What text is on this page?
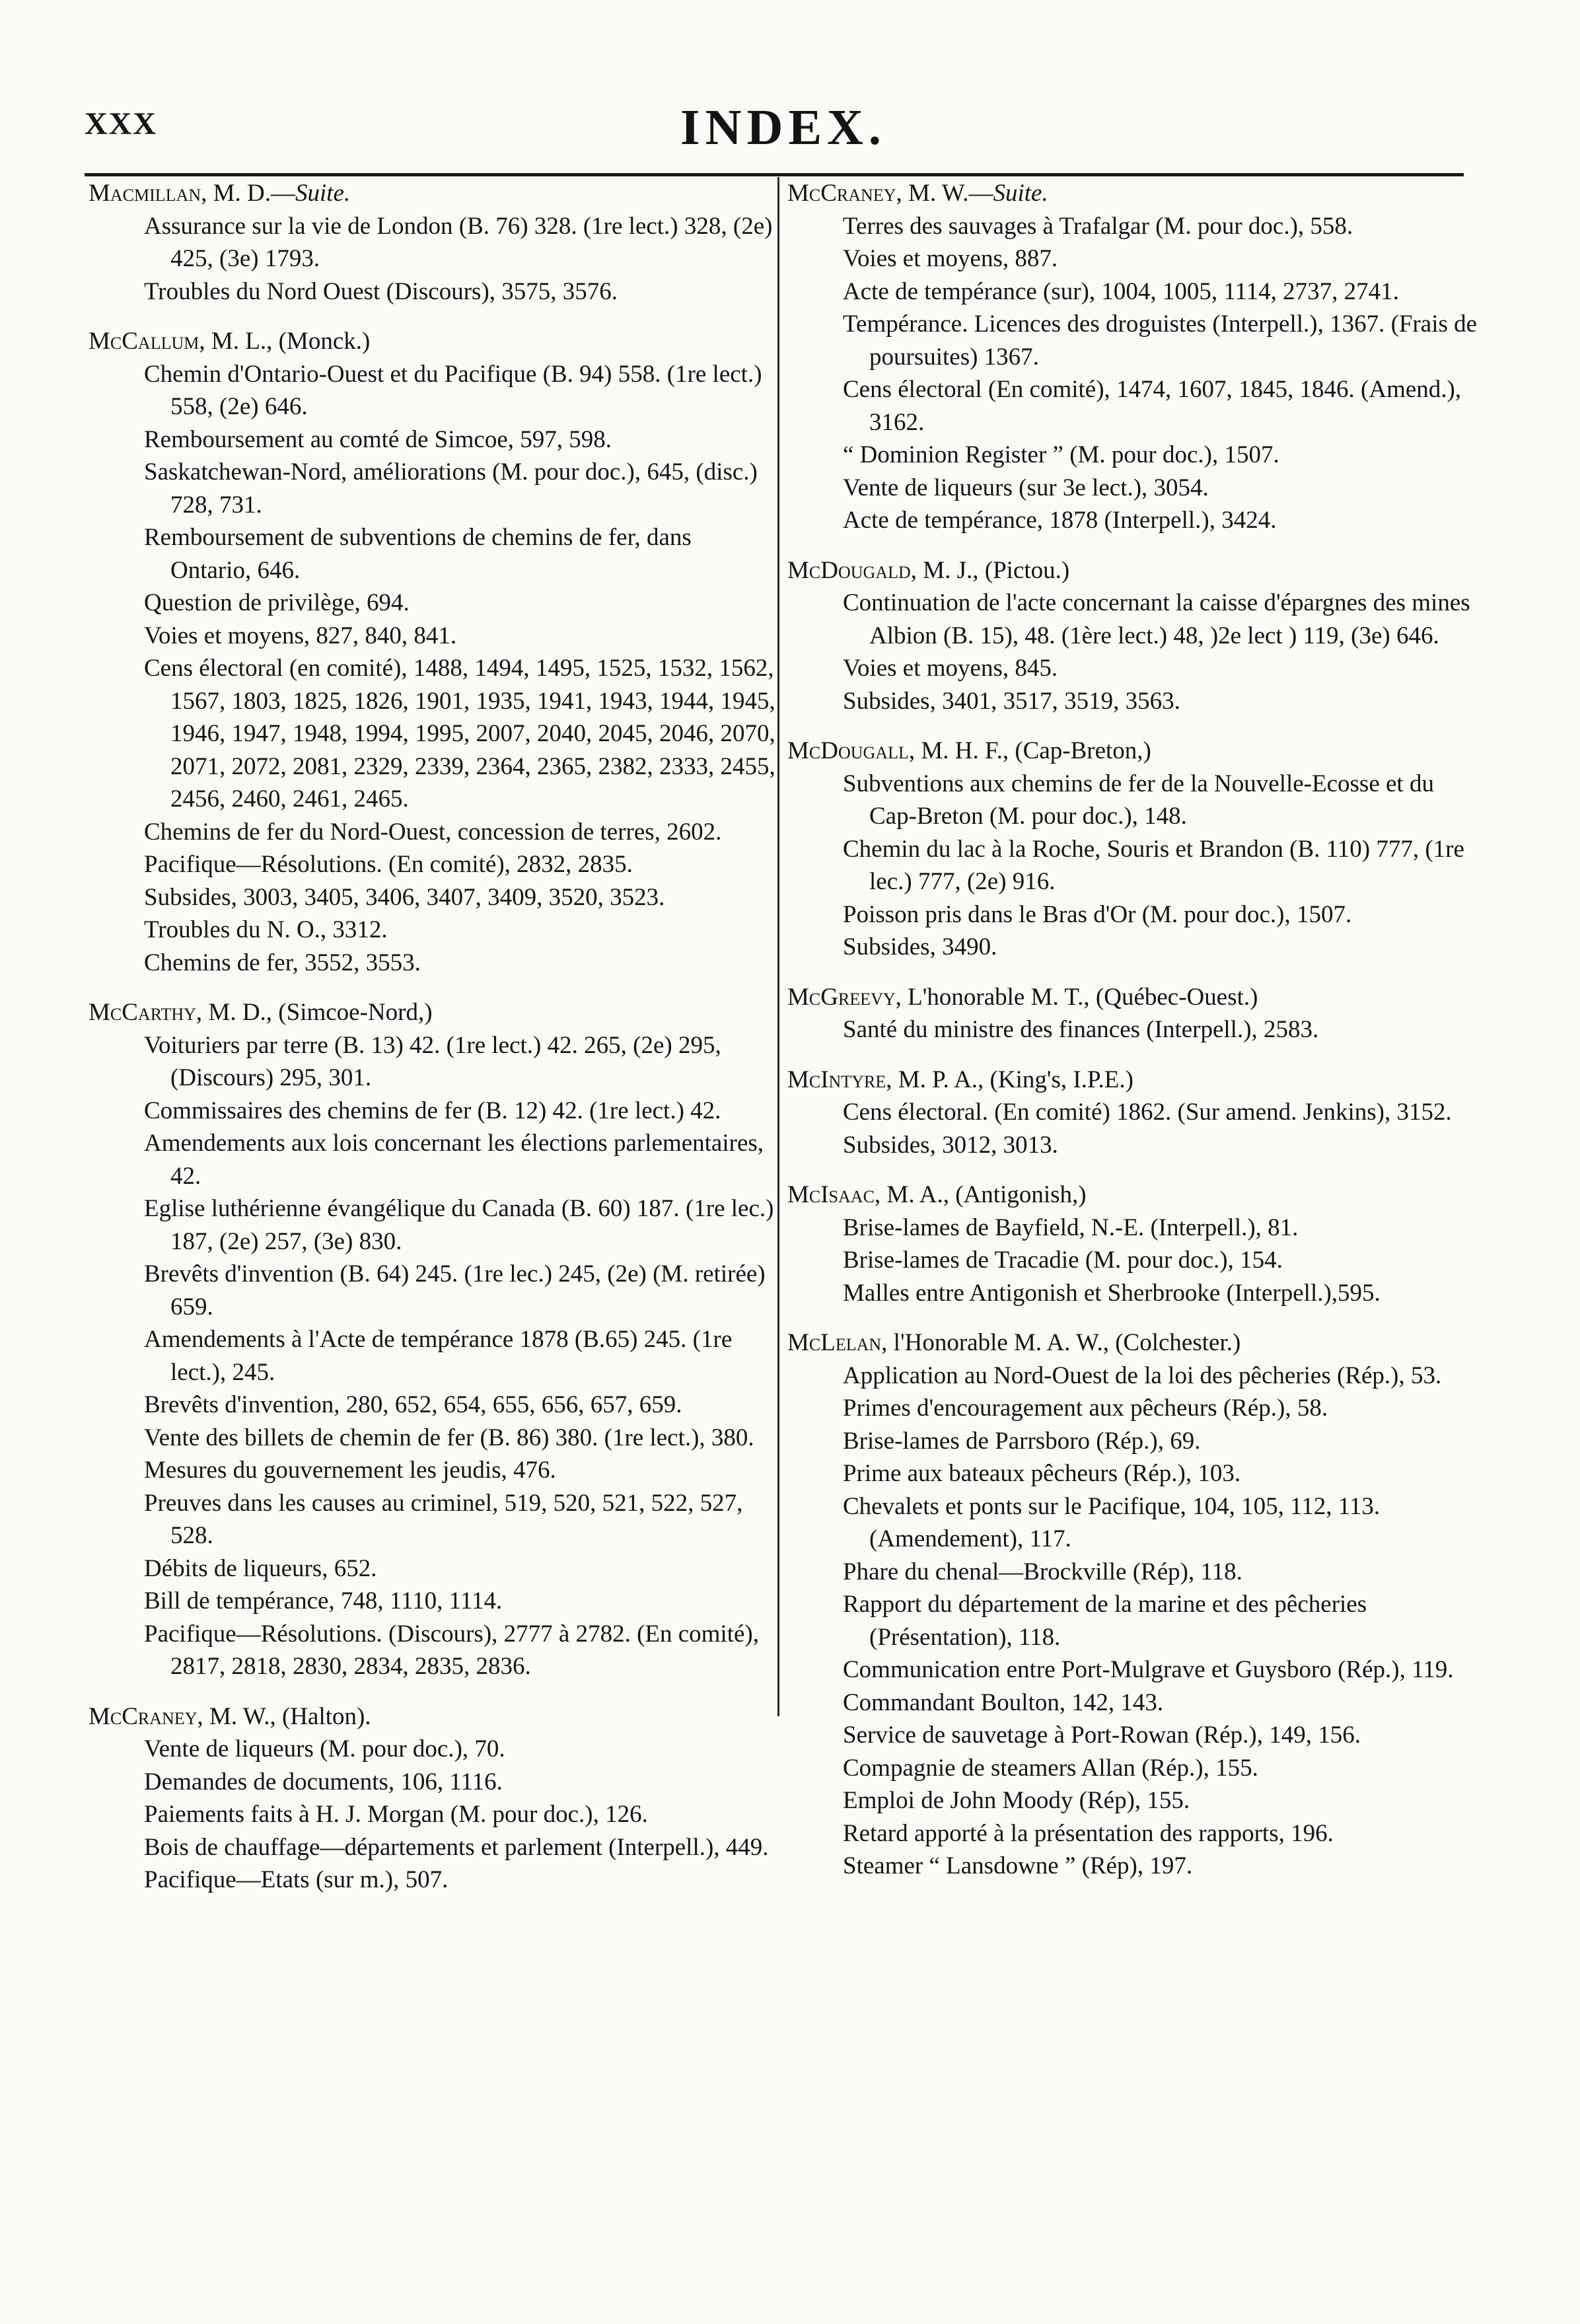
XXX	INDEX.
Macmillan, M. D.—Suite.
Assurance sur la vie de London (B. 76) 328. (1re lect.) 328, (2e) 425, (3e) 1793.
Troubles du Nord Ouest (Discours), 3575, 3576.
McCallum, M. L., (Monck.)
Chemin d'Ontario-Ouest et du Pacifique (B. 94) 558. (1re lect.) 558, (2e) 646.
Remboursement au comté de Simcoe, 597, 598.
Saskatchewan-Nord, améliorations (M. pour doc.), 645, (disc.) 728, 731.
Remboursement de subventions de chemins de fer, dans Ontario, 646.
Question de privilège, 694.
Voies et moyens, 827, 840, 841.
Cens électoral (en comité), 1488, 1494, 1495, 1525, 1532, 1562, 1567, 1803, 1825, 1826, 1901, 1935, 1941, 1943, 1944, 1945, 1946, 1947, 1948, 1994, 1995, 2007, 2040, 2045, 2046, 2070, 2071, 2072, 2081, 2329, 2339, 2364, 2365, 2382, 2333, 2455, 2456, 2460, 2461, 2465.
Chemins de fer du Nord-Ouest, concession de terres, 2602.
Pacifique—Résolutions. (En comité), 2832, 2835.
Subsides, 3003, 3405, 3406, 3407, 3409, 3520, 3523.
Troubles du N. O., 3312.
Chemins de fer, 3552, 3553.
McCarthy, M. D., (Simcoe-Nord,)
Voituriers par terre (B. 13) 42. (1re lect.) 42. 265, (2e) 295, (Discours) 295, 301.
Commissaires des chemins de fer (B. 12) 42. (1re lect.) 42.
Amendements aux lois concernant les élections parlementaires, 42.
Eglise luthérienne évangélique du Canada (B. 60) 187. (1re lec.) 187, (2e) 257, (3e) 830.
Brevêts d'invention (B. 64) 245. (1re lec.) 245, (2e) (M. retirée) 659.
Amendements à l'Acte de tempérance 1878 (B.65) 245. (1re lect.), 245.
Brevêts d'invention, 280, 652, 654, 655, 656, 657, 659.
Vente des billets de chemin de fer (B. 86) 380. (1re lect.), 380.
Mesures du gouvernement les jeudis, 476.
Preuves dans les causes au criminel, 519, 520, 521, 522, 527, 528.
Débits de liqueurs, 652.
Bill de tempérance, 748, 1110, 1114.
Pacifique—Résolutions. (Discours), 2777 à 2782. (En comité), 2817, 2818, 2830, 2834, 2835, 2836.
McCraney, M. W., (Halton).
Vente de liqueurs (M. pour doc.), 70.
Demandes de documents, 106, 1116.
Paiements faits à H. J. Morgan (M. pour doc.), 126.
Bois de chauffage—départements et parlement (Interpell.), 449.
Pacifique—Etats (sur m.), 507.
McCraney, M. W.—Suite.
Terres des sauvages à Trafalgar (M. pour doc.), 558.
Voies et moyens, 887.
Acte de tempérance (sur), 1004, 1005, 1114, 2737, 2741.
Tempérance. Licences des droguistes (Interpell.), 1367. (Frais de poursuites) 1367.
Cens électoral (En comité), 1474, 1607, 1845, 1846. (Amend.), 3162.
“ Dominion Register ” (M. pour doc.), 1507.
Vente de liqueurs (sur 3e lect.), 3054.
Acte de tempérance, 1878 (Interpell.), 3424.
McDougald, M. J., (Pictou.)
Continuation de l'acte concernant la caisse d'épargnes des mines Albion (B. 15), 48. (1ère lect.) 48, )2e lect ) 119, (3e) 646.
Voies et moyens, 845.
Subsides, 3401, 3517, 3519, 3563.
McDougall, M. H. F., (Cap-Breton,)
Subventions aux chemins de fer de la Nouvelle-Ecosse et du Cap-Breton (M. pour doc.), 148.
Chemin du lac à la Roche, Souris et Brandon (B. 110) 777, (1re lec.) 777, (2e) 916.
Poisson pris dans le Bras d'Or (M. pour doc.), 1507.
Subsides, 3490.
McGreevy, L'honorable M. T., (Québec-Ouest.)
Santé du ministre des finances (Interpell.), 2583.
McIntyre, M. P. A., (King's, I.P.E.)
Cens électoral. (En comité) 1862. (Sur amend. Jenkins), 3152.
Subsides, 3012, 3013.
McIsaac, M. A., (Antigonish,)
Brise-lames de Bayfield, N.-E. (Interpell.), 81.
Brise-lames de Tracadie (M. pour doc.), 154.
Malles entre Antigonish et Sherbrooke (Interpell.),595.
McLelan, l'Honorable M. A. W., (Colchester.)
Application au Nord-Ouest de la loi des pêcheries (Rép.), 53.
Primes d'encouragement aux pêcheurs (Rép.), 58.
Brise-lames de Parrsboro (Rép.), 69.
Prime aux bateaux pêcheurs (Rép.), 103.
Chevalets et ponts sur le Pacifique, 104, 105, 112, 113. (Amendement), 117.
Phare du chenal—Brockville (Rép), 118.
Rapport du département de la marine et des pêcheries (Présentation), 118.
Communication entre Port-Mulgrave et Guysboro (Rép.), 119.
Commandant Boulton, 142, 143.
Service de sauvetage à Port-Rowan (Rép.), 149, 156.
Compagnie de steamers Allan (Rép.), 155.
Emploi de John Moody (Rép), 155.
Retard apporté à la présentation des rapports, 196.
Steamer “ Lansdowne ” (Rép), 197.
